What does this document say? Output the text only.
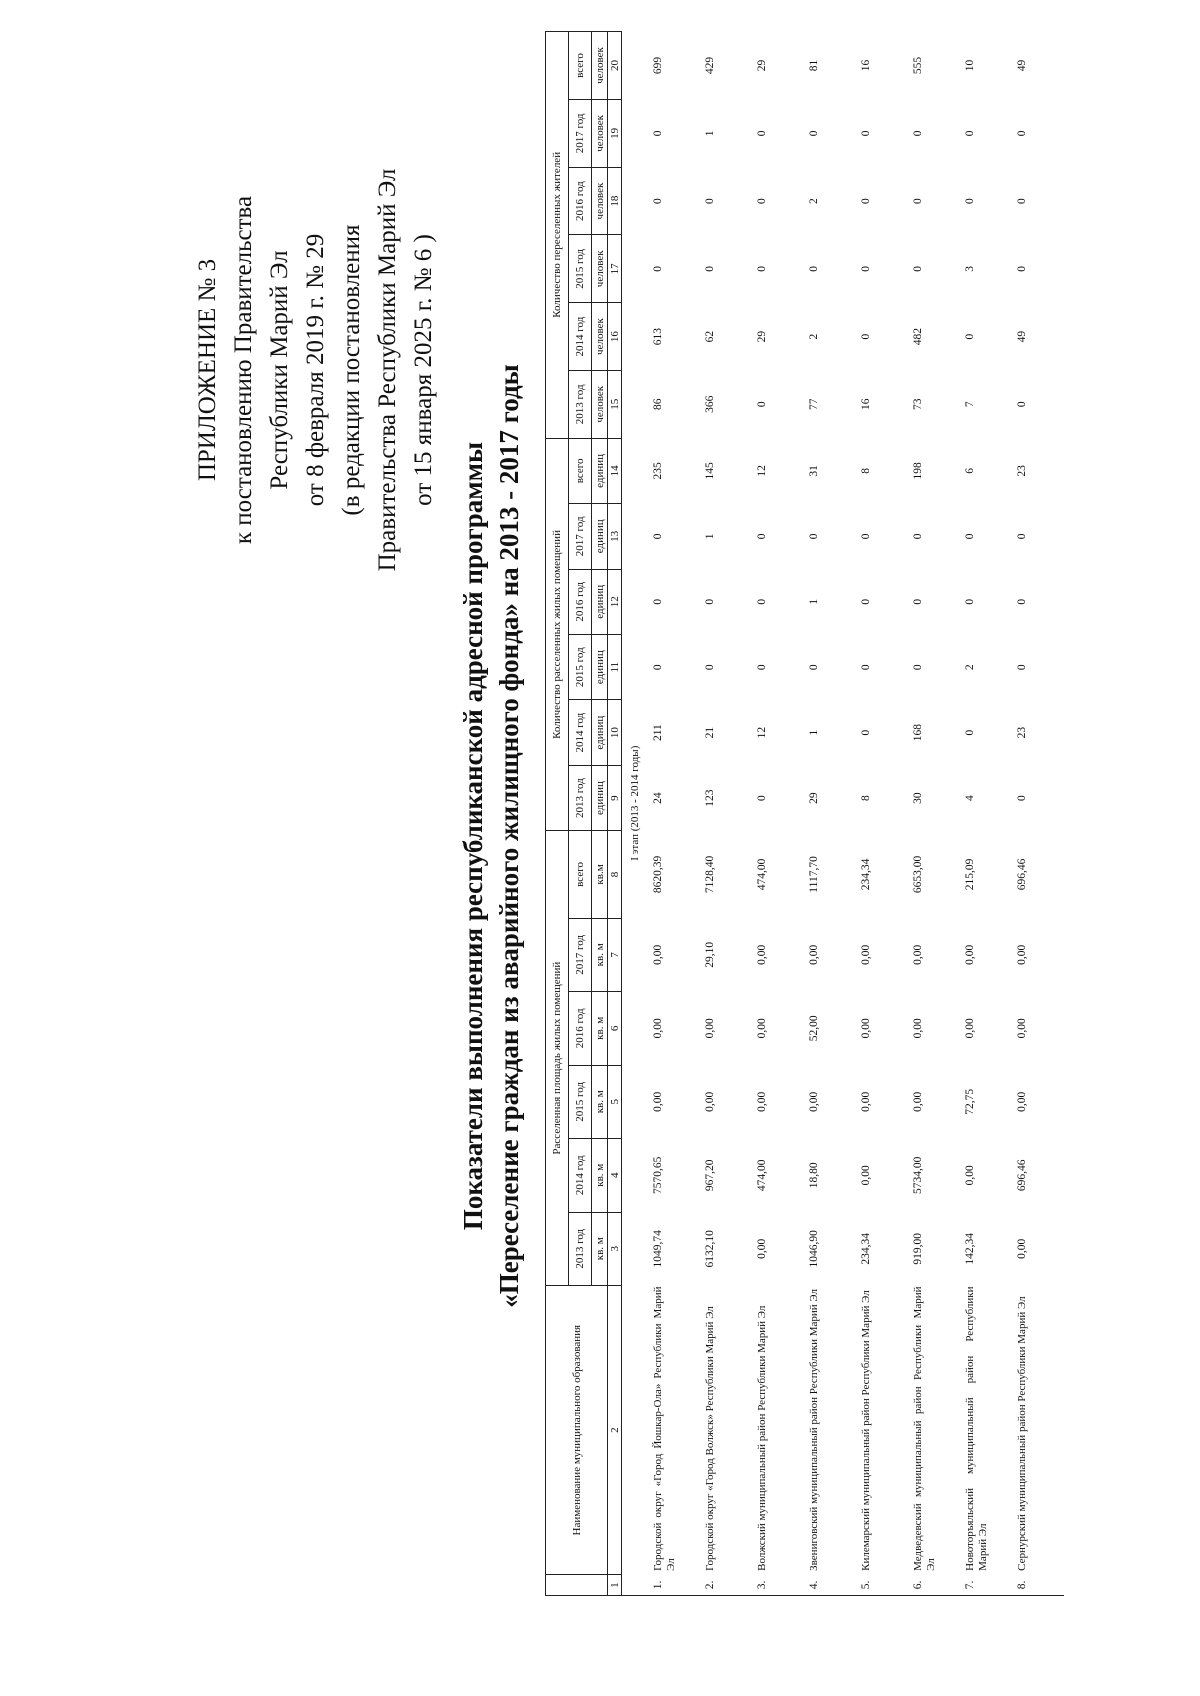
ПРИЛОЖЕНИЕ № 3 к постановлению Правительства Республики Марий Эл от 8 февраля 2019 г. № 29 (в редакции постановления Правительства Республики Марий Эл от 15 января 2025 г. № 6 )
Показатели выполнения республиканской адресной программы «Переселение граждан из аварийного жилищного фонда» на 2013 - 2017 годы
	Наименование муниципального образования	Расселенная площадь жилых помещений						Количество расселенных жилых помещений						Количество переселенных жителей					
		2013 год	2014 год	2015 год	2016 год	2017 год	всего	2013 год	2014 год	2015 год	2016 год	2017 год	всего	2013 год	2014 год	2015 год	2016 год	2017 год	всего
		кв. м	кв. м	кв. м	кв. м	кв. м	кв.м	единиц	единиц	единиц	единиц	единиц	единиц	человек	человек	человек	человек	человек	человек
1	2	3	4	5	6	7	8	9	10	11	12	13	14	15	16	17	18	19	20
	I этап (2013 - 2014 годы)																		
1.	Городской округ «Город Йошкар-Ола» Республики Марий Эл	1049,74	7570,65	0,00	0,00	0,00	8620,39	24	211	0	0	0	235	86	613	0	0	0	699
2.	Городской округ «Город Волжск» Республики Марий Эл	6132,10	967,20	0,00	0,00	29,10	7128,40	123	21	0	0	1	145	366	62	0	0	1	429
3.	Волжский муниципальный район Республики Марий Эл	0,00	474,00	0,00	0,00	0,00	474,00	0	12	0	0	0	12	0	29	0	0	0	29
4.	Звениговский муниципальный район Республики Марий Эл	1046,90	18,80	0,00	52,00	0,00	1117,70	29	1	0	1	0	31	77	2	0	2	0	81
5.	Килемарский муниципальный район Республики Марий Эл	234,34	0,00	0,00	0,00	0,00	234,34	8	0	0	0	0	8	16	0	0	0	0	16
6.	Медведевский муниципальный район Республики Марий Эл	919,00	5734,00	0,00	0,00	0,00	6653,00	30	168	0	0	0	198	73	482	0	0	0	555
7.	Новоторъяльский муниципальный район Республики Марий Эл	142,34	0,00	72,75	0,00	0,00	215,09	4	0	2	0	0	6	7	0	3	0	0	10
8.	Сернурский муниципальный район Республики Марий Эл	0,00	696,46	0,00	0,00	0,00	696,46	0	23	0	0	0	23	0	49	0	0	0	49
